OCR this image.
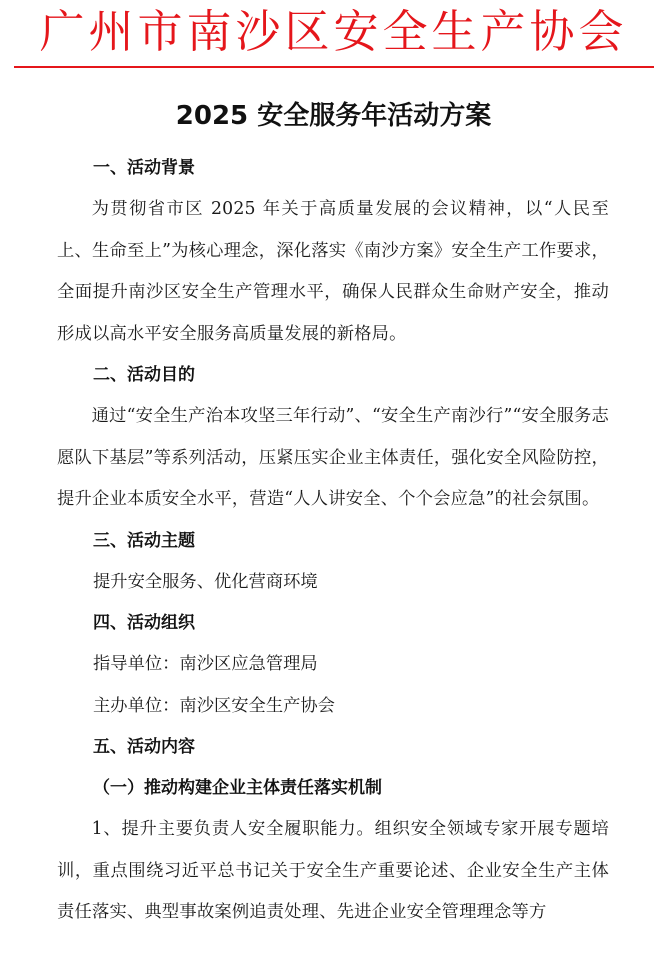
广州市南沙区安全生产协会
2025 安全服务年活动方案
一、活动背景

为贯彻省市区 2025 年关于高质量发展的会议精神，以“人民至上、生命至上”为核心理念，深化落实《南沙方案》安全生产工作要求，全面提升南沙区安全生产管理水平，确保人民群众生命财产安全，推动形成以高水平安全服务高质量发展的新格局。

二、活动目的

通过“安全生产治本攻坚三年行动”、“安全生产南沙行”“安全服务志愿队下基层”等系列活动，压紧压实企业主体责任，强化安全风险防控，提升企业本质安全水平，营造“人人讲安全、个个会应急”的社会氛围。

三、活动主题
提升安全服务、优化营商环境
四、活动组织
指导单位：南沙区应急管理局
主办单位：南沙区安全生产协会
五、活动内容
（一）推动构建企业主体责任落实机制

1、提升主要负责人安全履职能力。组织安全领域专家开展专题培训，重点围绕习近平总书记关于安全生产重要论述、企业安全生产主体责任落实、典型事故案例追责处理、先进企业安全管理理念等方
